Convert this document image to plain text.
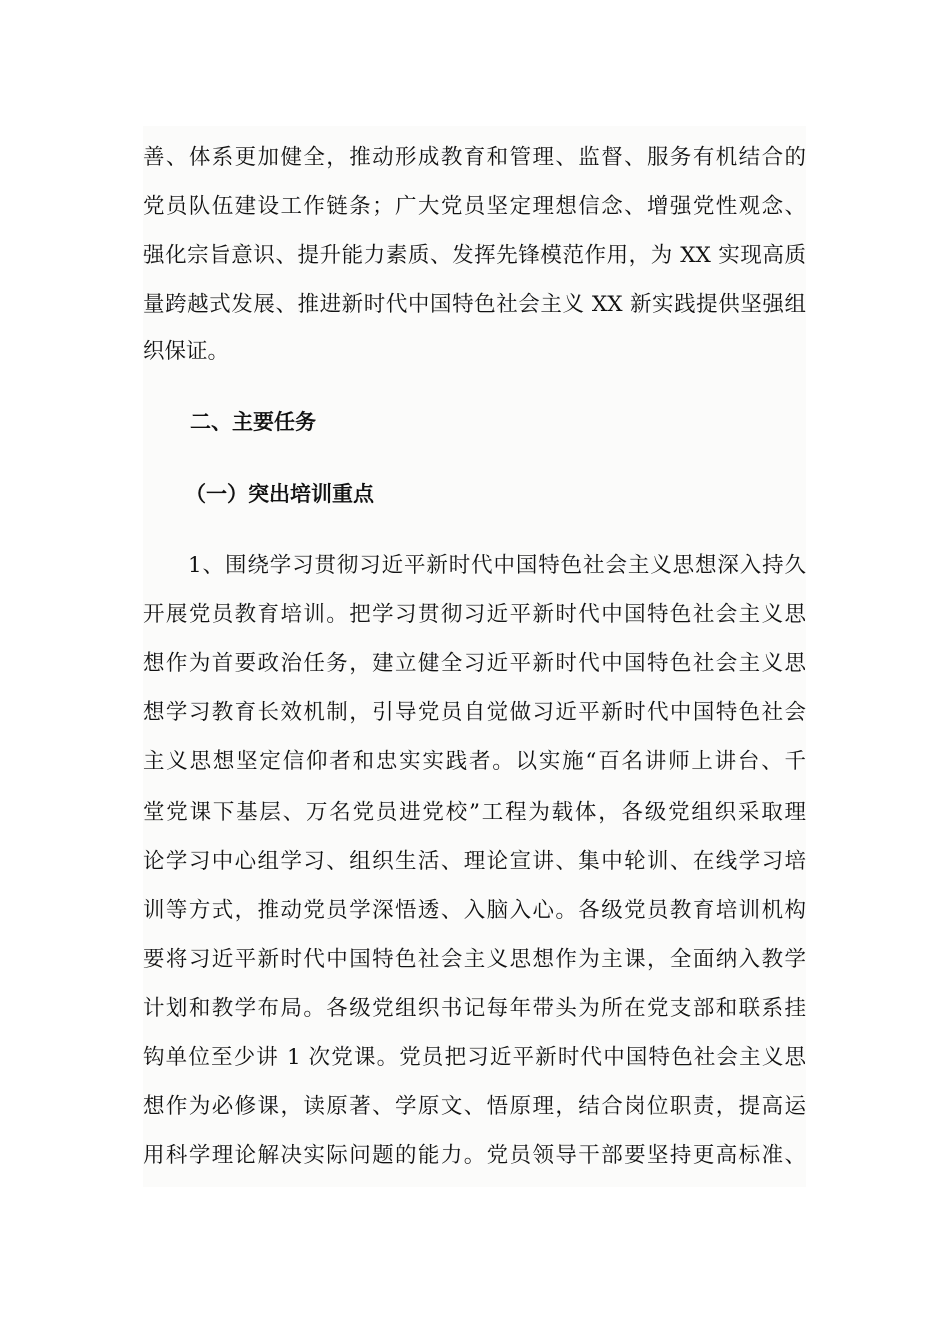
善、体系更加健全，推动形成教育和管理、监督、服务有机结合的
党员队伍建设工作链条；广大党员坚定理想信念、增强党性观念、
强化宗旨意识、提升能力素质、发挥先锋模范作用，为 XX 实现高质
量跨越式发展、推进新时代中国特色社会主义 XX 新实践提供坚强组
织保证。
二、主要任务
（一）突出培训重点
1、围绕学习贯彻习近平新时代中国特色社会主义思想深入持久
开展党员教育培训。把学习贯彻习近平新时代中国特色社会主义思
想作为首要政治任务，建立健全习近平新时代中国特色社会主义思
想学习教育长效机制，引导党员自觉做习近平新时代中国特色社会
主义思想坚定信仰者和忠实实践者。以实施“百名讲师上讲台、千
堂党课下基层、万名党员进党校”工程为载体，各级党组织采取理
论学习中心组学习、组织生活、理论宣讲、集中轮训、在线学习培
训等方式，推动党员学深悟透、入脑入心。各级党员教育培训机构
要将习近平新时代中国特色社会主义思想作为主课，全面纳入教学
计划和教学布局。各级党组织书记每年带头为所在党支部和联系挂
钩单位至少讲 1 次党课。党员把习近平新时代中国特色社会主义思
想作为必修课，读原著、学原文、悟原理，结合岗位职责，提高运
用科学理论解决实际问题的能力。党员领导干部要坚持更高标准、
